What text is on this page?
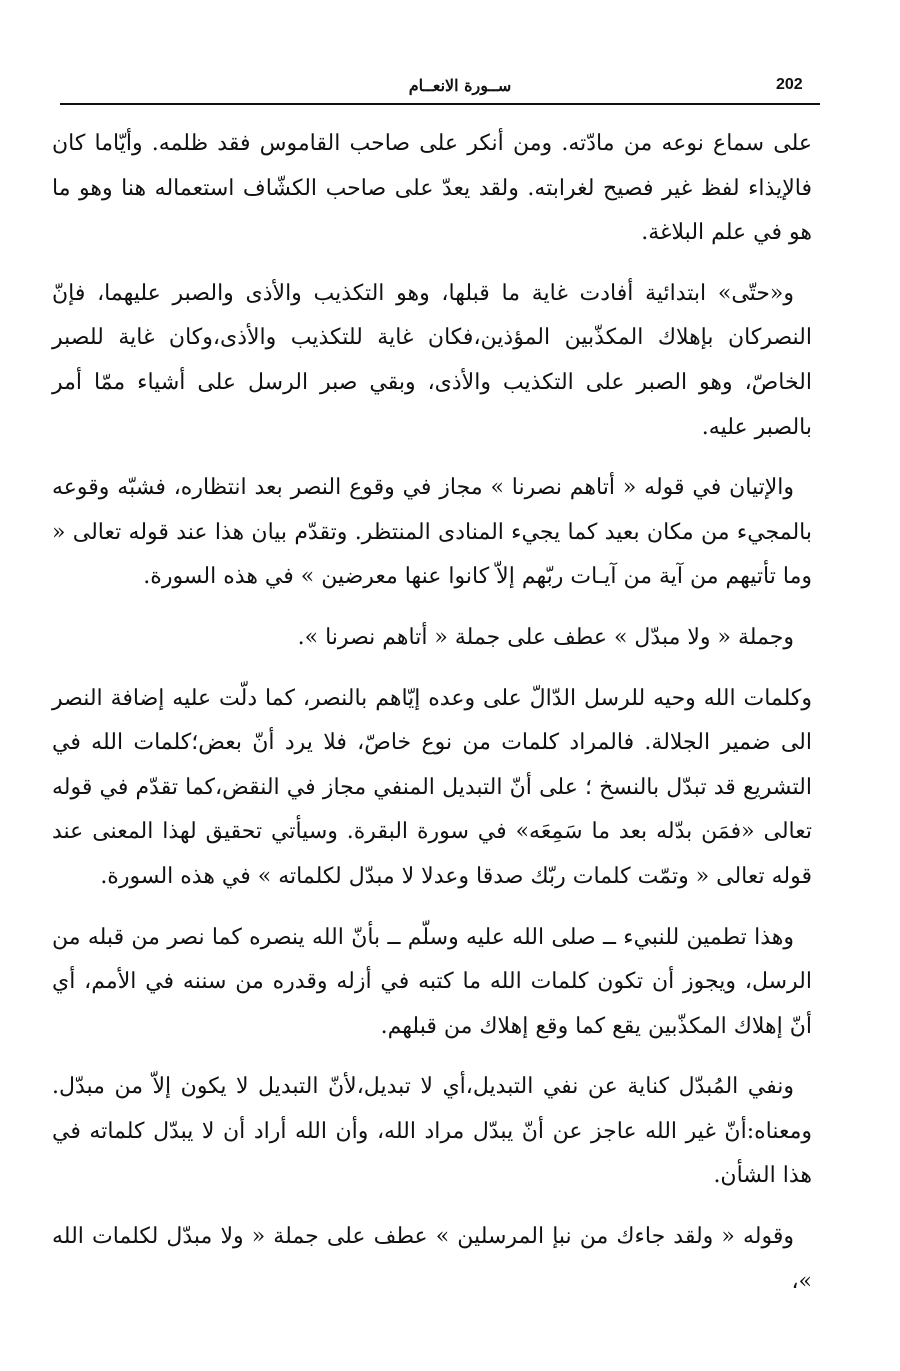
202
ســورة الانعــام

على سماع نوعه من مادّته. ومن أنكر على صاحب القاموس فقد ظلمه. وأيّاما كان فالإيذاء لفظ غير فصيح لغرابته. ولقد يعدّ على صاحب الكشّاف استعماله هنا وهو ما هو في علم البلاغة.

و«حتّى» ابتدائية أفادت غاية ما قبلها، وهو التكذيب والأذى والصبر عليهما، فإنّ النصركان بإهلاك المكذّبين المؤذين،فكان غاية للتكذيب والأذى،وكان غاية للصبر الخاصّ، وهو الصبر على التكذيب والأذى، وبقي صبر الرسل على أشياء ممّا أمر بالصبر عليه.

والإتيان في قوله « أتاهم نصرنا » مجاز في وقوع النصر بعد انتظاره، فشبّه وقوعه بالمجيء من مكان بعيد كما يجيء المنادى المنتظر. وتقدّم بيان هذا عند قوله تعالى « وما تأتيهم من آية من آيـات ربّهم إلاّ كانوا عنها معرضين » في هذه السورة.

وجملة « ولا مبدّل » عطف على جملة « أتاهم نصرنا ».

وكلمات الله وحيه للرسل الدّالّ على وعده إيّاهم بالنصر، كما دلّت عليه إضافة النصر الى ضمير الجلالة. فالمراد كلمات من نوع خاصّ، فلا يرد أنّ بعض؛كلمات الله في التشريع قد تبدّل بالنسخ ؛ على أنّ التبديل المنفي مجاز في النقض،كما تقدّم في قوله تعالى «فمَن بدّله بعد ما سَمِعَه» في سورة البقرة. وسيأتي تحقيق لهذا المعنى عند قوله تعالى « وتمّت كلمات ربّك صدقا وعدلا لا مبدّل لكلماته » في هذه السورة.

وهذا تطمين للنبيء ــ صلى الله عليه وسلّم ــ بأنّ الله ينصره كما نصر من قبله من الرسل، ويجوز أن تكون كلمات الله ما كتبه في أزله وقدره من سننه في الأمم، أي أنّ إهلاك المكذّبين يقع كما وقع إهلاك من قبلهم.

ونفي المُبدّل كناية عن نفي التبديل،أي لا تبديل،لأنّ التبديل لا يكون إلاّ من مبدّل. ومعناه:أنّ غير الله عاجز عن أنّ يبدّل مراد الله، وأن الله أراد أن لا يبدّل كلماته في هذا الشأن.

وقوله « ولقد جاءك من نبإ المرسلين » عطف على جملة « ولا مبدّل لكلمات الله »،
